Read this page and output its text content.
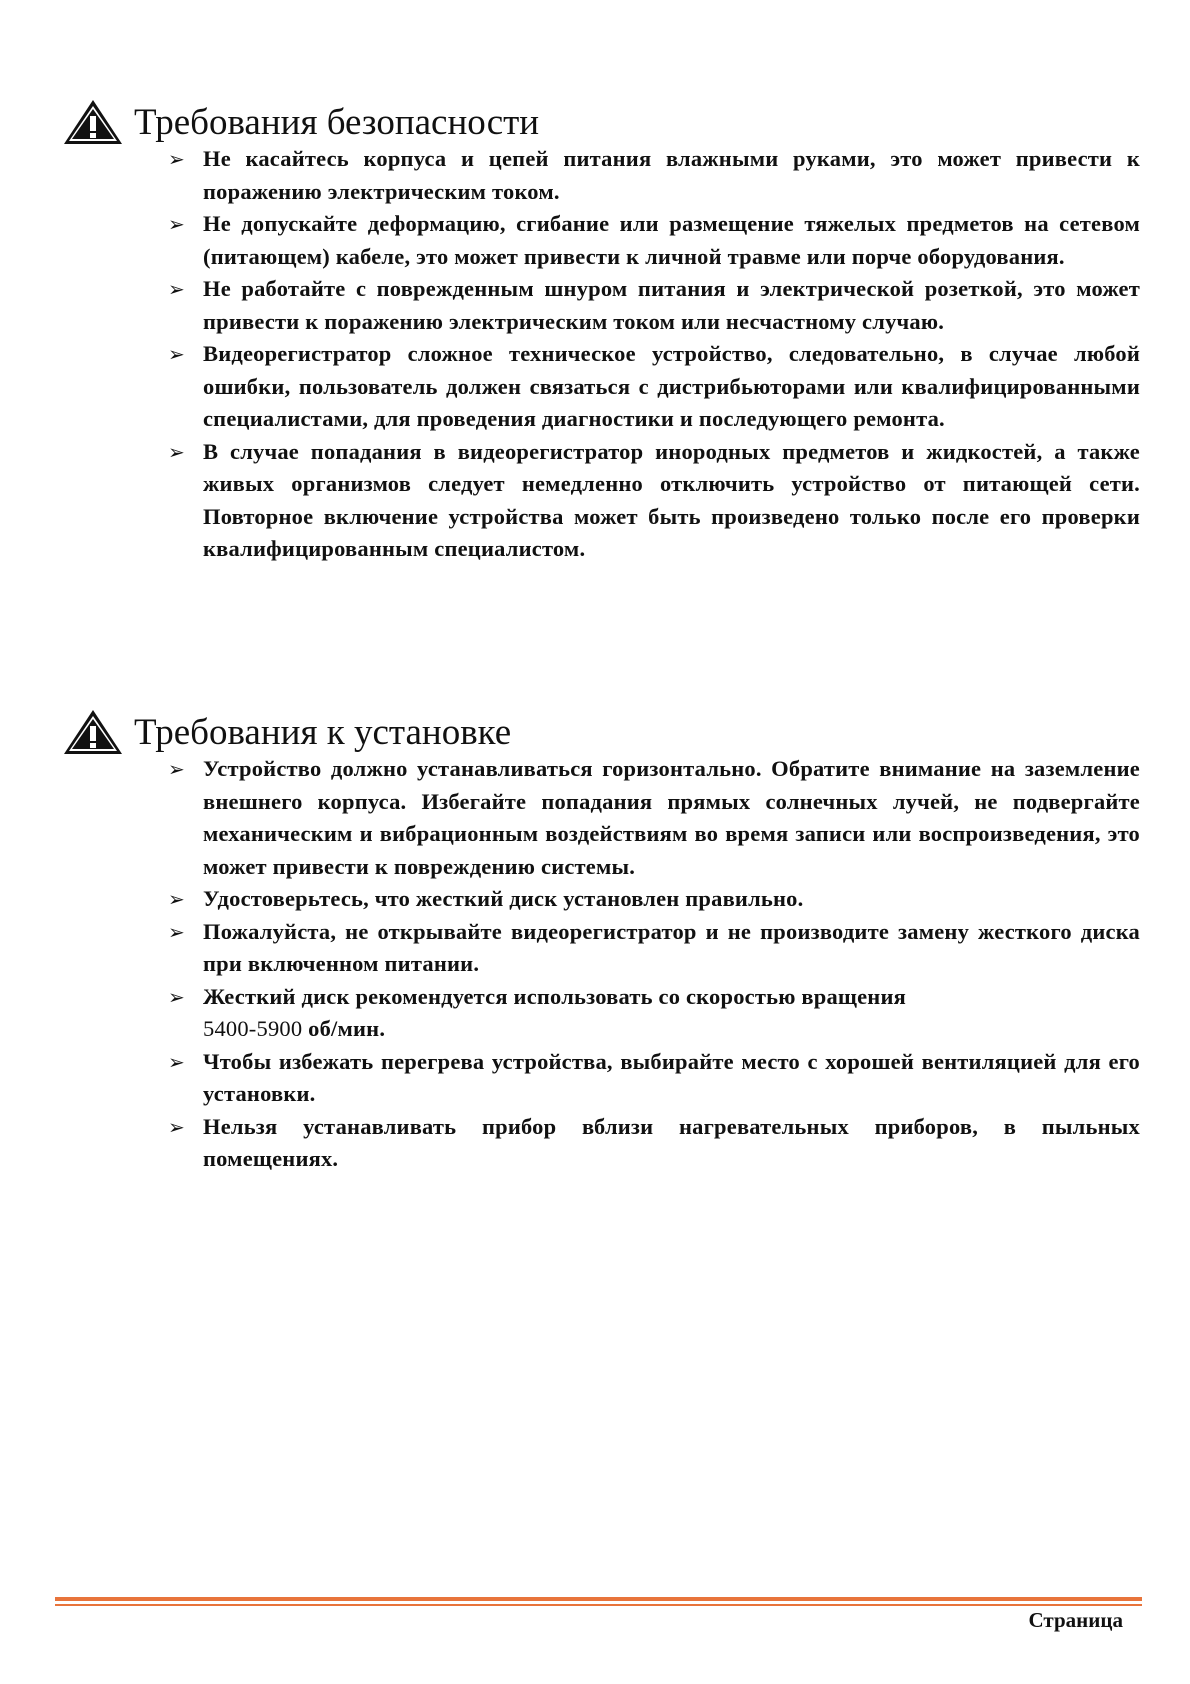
Требования безопасности
➢ Не касайтесь корпуса и цепей питания влажными руками, это может привести к поражению электрическим током.
➢ Не допускайте деформацию, сгибание или размещение тяжелых предметов на сетевом (питающем) кабеле, это может привести к личной травме или порче оборудования.
➢ Не работайте с поврежденным шнуром питания и электрической розеткой, это может привести к поражению электрическим током или несчастному случаю.
➢ Видеорегистратор сложное техническое устройство, следовательно, в случае любой ошибки, пользователь должен связаться с дистрибьюторами или квалифицированными специалистами, для проведения диагностики и последующего ремонта.
➢ В случае попадания в видеорегистратор инородных предметов и жидкостей, а также живых организмов следует немедленно отключить устройство от питающей сети. Повторное включение устройства может быть произведено только после его проверки квалифицированным специалистом.
Требования к установке
➢ Устройство должно устанавливаться горизонтально. Обратите внимание на заземление внешнего корпуса. Избегайте попадания прямых солнечных лучей, не подвергайте механическим и вибрационным воздействиям во время записи или воспроизведения, это может привести к повреждению системы.
➢ Удостоверьтесь, что жесткий диск установлен правильно.
➢ Пожалуйста, не открывайте видеорегистратор и не производите замену жесткого диска при включенном питании.
➢ Жесткий диск рекомендуется использовать со скоростью вращения
5400-5900 об/мин.
➢ Чтобы избежать перегрева устройства, выбирайте место с хорошей вентиляцией для его установки.
➢ Нельзя устанавливать прибор вблизи нагревательных приборов, в пыльных помещениях.
Страница
